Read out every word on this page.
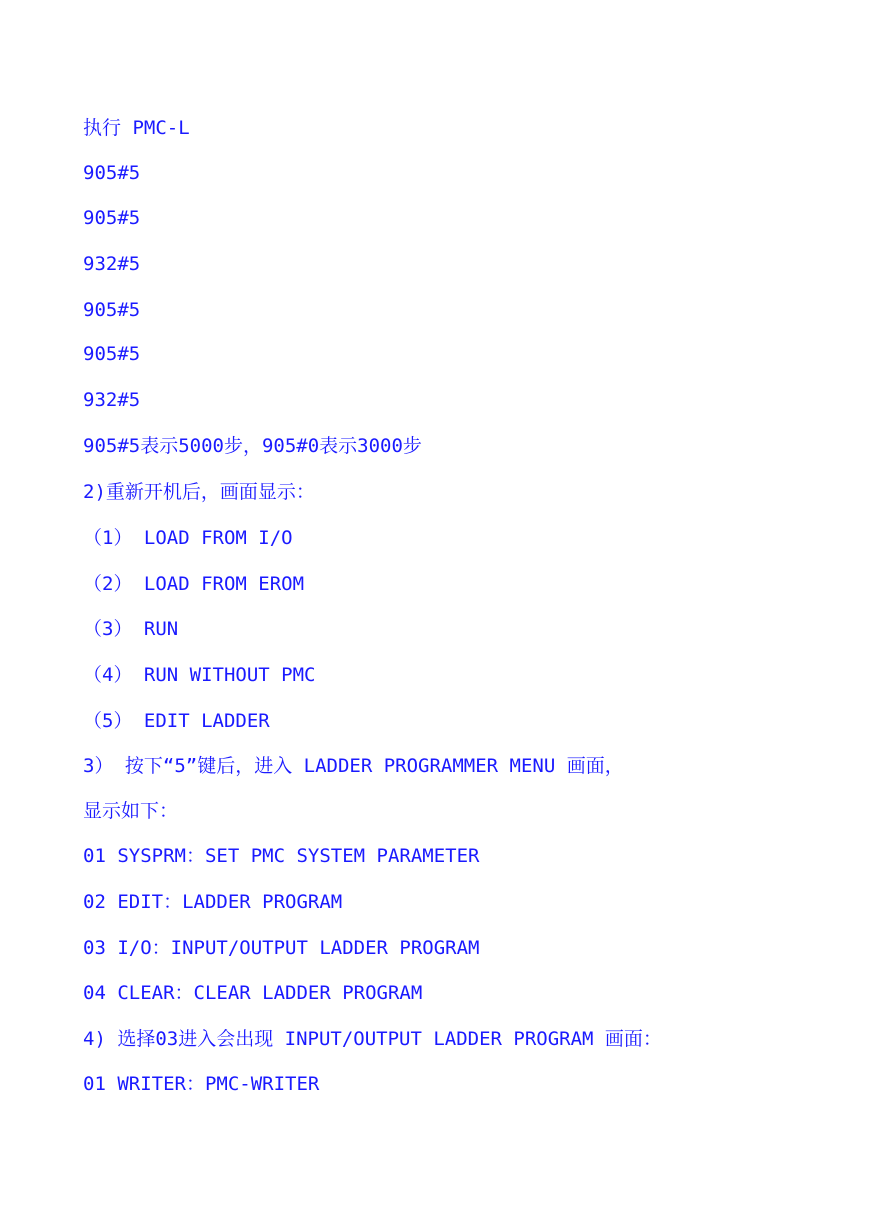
执行 PMC-L

905#5

905#5

932#5

905#5

905#5

932#5

905#5表示5000步，905#0表示3000步

2)重新开机后，画面显示：

（1） LOAD FROM I/O

（2） LOAD FROM EROM

（3） RUN

（4） RUN WITHOUT PMC

（5） EDIT LADDER

3） 按下“5”键后，进入 LADDER PROGRAMMER MENU 画面，

显示如下：

01 SYSPRM：SET PMC SYSTEM PARAMETER

02 EDIT：LADDER PROGRAM

03 I/O：INPUT/OUTPUT LADDER PROGRAM

04 CLEAR：CLEAR LADDER PROGRAM

4) 选择03进入会出现 INPUT/OUTPUT LADDER PROGRAM 画面：

01 WRITER：PMC-WRITER
